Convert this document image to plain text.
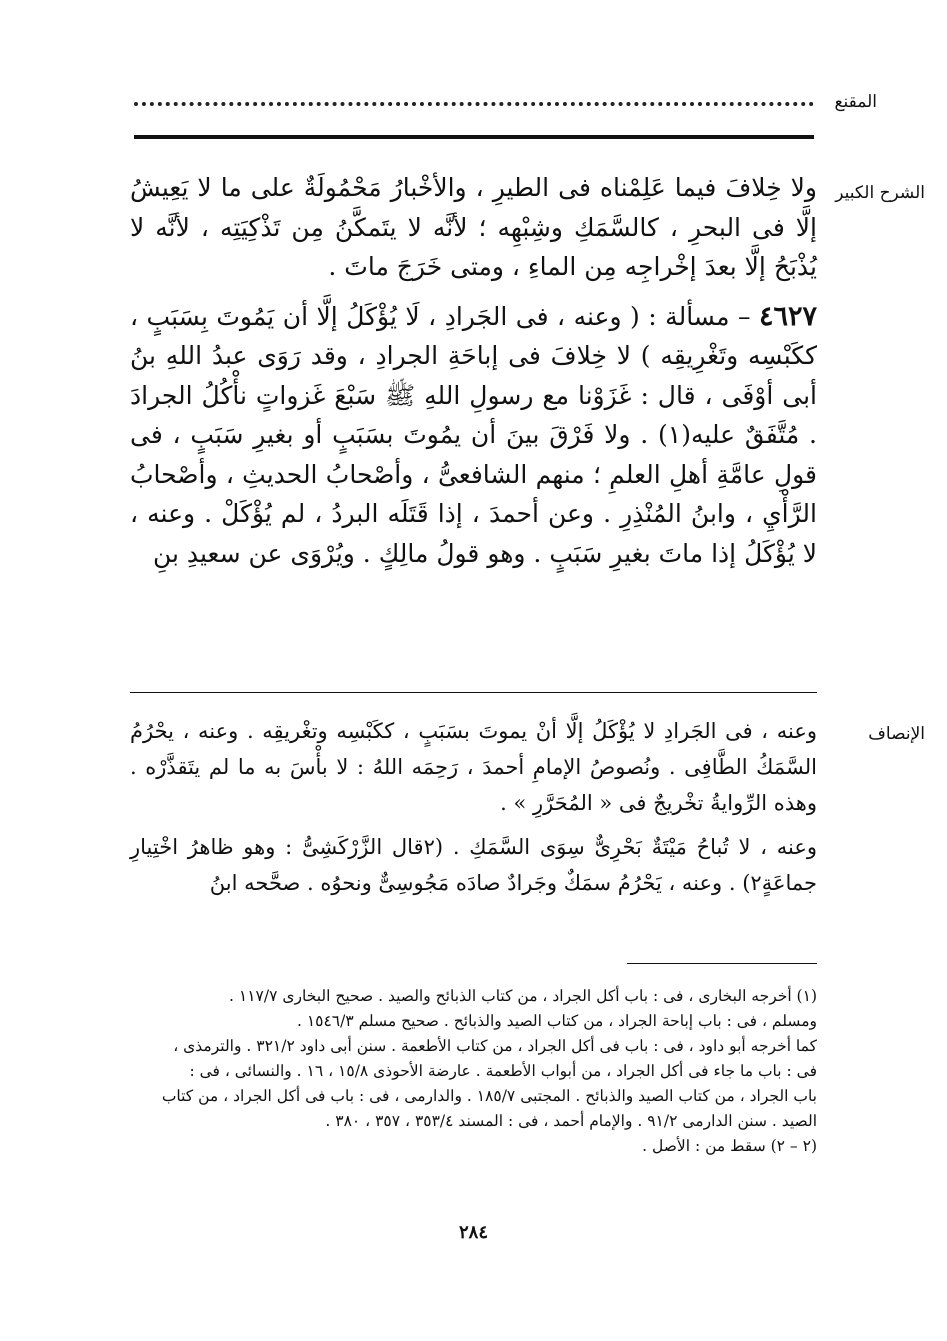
المقنع
الشرح الكبير

ولا خِلافَ فيما عَلِمْناه فى الطيرِ ، والأخْبارُ مَحْمُولَةٌ على ما لا يَعِيشُ إلَّا فى البحرِ ، كالسَّمَكِ وشِبْهِه ؛ لأنَّه لا يتَمكَّنُ مِن تَذْكِيَتِه ، لأنَّه لا يُذْبَحُ إلَّا بعدَ إخْراجِه مِن الماءِ ، ومتى خَرَجَ ماتَ .

٤٦٢٧ – مسألة : ( وعنه ، فى الجَرادِ ، لَا يُؤْكَلُ إلَّا أن يَمُوتَ بِسَبَبٍ ، ككَبْسِه وتَغْرِيقِه ) لا خِلافَ فى إباحَةِ الجرادِ ، وقد رَوَى عبدُ اللهِ بنُ أبى أوْفَى ، قال : غَزَوْنا مع رسولِ اللهِ ﷺ سَبْعَ غَزواتٍ نأْكُلُ الجرادَ . مُتَّفَقٌ عليه(١) . ولا فَرْقَ بينَ أن يمُوتَ بسَبَبٍ أو بغيرِ سَبَبٍ ، فى قولِ عامَّةِ أهلِ العلمِ ؛ منهم الشافعىُّ ، وأصْحابُ الحديثِ ، وأصْحابُ الرَّأْيِ ، وابنُ المُنْذِرِ . وعن أحمدَ ، إذا قَتَلَه البردُ ، لم يُؤْكَلْ . وعنه ، لا يُؤْكَلُ إذا ماتَ بغيرِ سَبَبٍ . وهو قولُ مالِكٍ . ويُرْوَى عن سعيدِ بنِ

الإنصاف

وعنه ، فى الجَرادِ لا يُؤْكَلُ إلَّا أنْ يموتَ بسَبَبٍ ، ككَبْسِه وتغْريقِه . وعنه ، يحْرُمُ السَّمَكُ الطَّافِى . ونُصوصُ الإمامِ أحمدَ ، رَحِمَه اللهُ : لا بأْسَ به ما لم يتَقذَّرْه . وهذه الرِّوايةُ تخْريجٌ فى « المُحَرَّرِ » .

وعنه ، لا تُباحُ مَيْتَةٌ بَحْرِىٌّ سِوَى السَّمَكِ . (٢قال الزَّرْكَشِىُّ : وهو ظاهرُ اخْتِيارِ جماعَةٍ٢) . وعنه ، يَحْرُمُ سمَكٌ وجَرادٌ صادَه مَجُوسِىٌّ ونحوُه . صحَّحه ابنُ

(١) أخرجه البخارى ، فى : باب أكل الجراد ، من كتاب الذبائح والصيد . صحيح البخارى ١١٧/٧ .

ومسلم ، فى : باب إباحة الجراد ، من كتاب الصيد والذبائح . صحيح مسلم ١٥٤٦/٣ .

كما أخرجه أبو داود ، فى : باب فى أكل الجراد ، من كتاب الأطعمة . سنن أبى داود ٣٢١/٢ . والترمذى ،

فى : باب ما جاء فى أكل الجراد ، من أبواب الأطعمة . عارضة الأحوذى ١٥/٨ ، ١٦ . والنسائى ، فى :

باب الجراد ، من كتاب الصيد والذبائح . المجتبى ١٨٥/٧ . والدارمى ، فى : باب فى أكل الجراد ، من كتاب

الصيد . سنن الدارمى ٩١/٢ . والإمام أحمد ، فى : المسند ٣٥٣/٤ ، ٣٥٧ ، ٣٨٠ .

(٢ – ٢) سقط من : الأصل .

٢٨٤
